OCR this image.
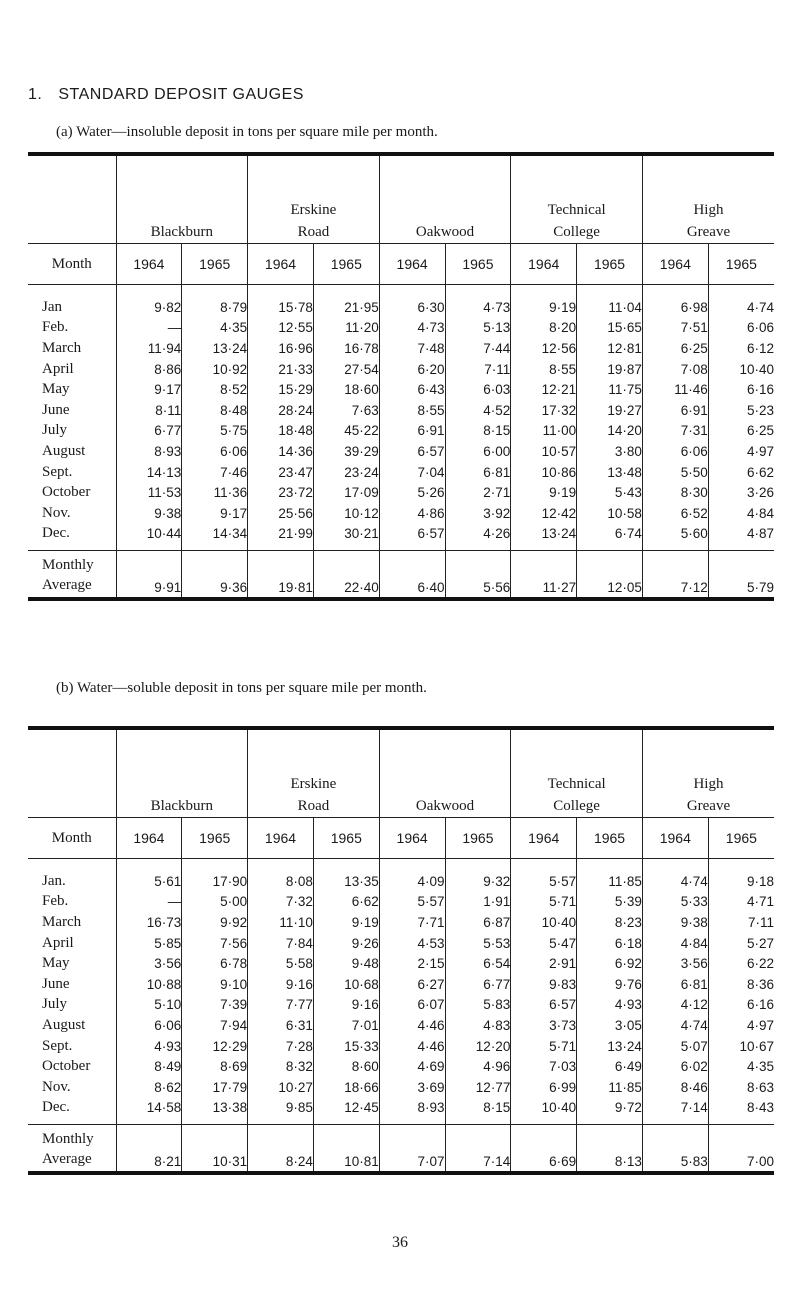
1. STANDARD DEPOSIT GAUGES
(a) Water—insoluble deposit in tons per square mile per month.
	Blackburn		Erskine
Road		Oakwood		Technical
College		High
Greave	
Month	1964	1965	1964	1965	1964	1965	1964	1965	1964	1965
Jan	9·82	8·79	15·78	21·95	6·30	4·73	9·19	11·04	6·98	4·74
Feb.	—	4·35	12·55	11·20	4·73	5·13	8·20	15·65	7·51	6·06
March	11·94	13·24	16·96	16·78	7·48	7·44	12·56	12·81	6·25	6·12
April	8·86	10·92	21·33	27·54	6·20	7·11	8·55	19·87	7·08	10·40
May	9·17	8·52	15·29	18·60	6·43	6·03	12·21	11·75	11·46	6·16
June	8·11	8·48	28·24	7·63	8·55	4·52	17·32	19·27	6·91	5·23
July	6·77	5·75	18·48	45·22	6·91	8·15	11·00	14·20	7·31	6·25
August	8·93	6·06	14·36	39·29	6·57	6·00	10·57	3·80	6·06	4·97
Sept.	14·13	7·46	23·47	23·24	7·04	6·81	10·86	13·48	5·50	6·62
October	11·53	11·36	23·72	17·09	5·26	2·71	9·19	5·43	8·30	3·26
Nov.	9·38	9·17	25·56	10·12	4·86	3·92	12·42	10·58	6·52	4·84
Dec.	10·44	14·34	21·99	30·21	6·57	4·26	13·24	6·74	5·60	4·87
Monthly
Average	9·91	9·36	19·81	22·40	6·40	5·56	11·27	12·05	7·12	5·79
(b) Water—soluble deposit in tons per square mile per month.
	Blackburn		Erskine
Road		Oakwood		Technical
College		High
Greave	
Month	1964	1965	1964	1965	1964	1965	1964	1965	1964	1965
Jan.	5·61	17·90	8·08	13·35	4·09	9·32	5·57	11·85	4·74	9·18
Feb.	—	5·00	7·32	6·62	5·57	1·91	5·71	5·39	5·33	4·71
March	16·73	9·92	11·10	9·19	7·71	6·87	10·40	8·23	9·38	7·11
April	5·85	7·56	7·84	9·26	4·53	5·53	5·47	6·18	4·84	5·27
May	3·56	6·78	5·58	9·48	2·15	6·54	2·91	6·92	3·56	6·22
June	10·88	9·10	9·16	10·68	6·27	6·77	9·83	9·76	6·81	8·36
July	5·10	7·39	7·77	9·16	6·07	5·83	6·57	4·93	4·12	6·16
August	6·06	7·94	6·31	7·01	4·46	4·83	3·73	3·05	4·74	4·97
Sept.	4·93	12·29	7·28	15·33	4·46	12·20	5·71	13·24	5·07	10·67
October	8·49	8·69	8·32	8·60	4·69	4·96	7·03	6·49	6·02	4·35
Nov.	8·62	17·79	10·27	18·66	3·69	12·77	6·99	11·85	8·46	8·63
Dec.	14·58	13·38	9·85	12·45	8·93	8·15	10·40	9·72	7·14	8·43
Monthly
Average	8·21	10·31	8·24	10·81	7·07	7·14	6·69	8·13	5·83	7·00
36
